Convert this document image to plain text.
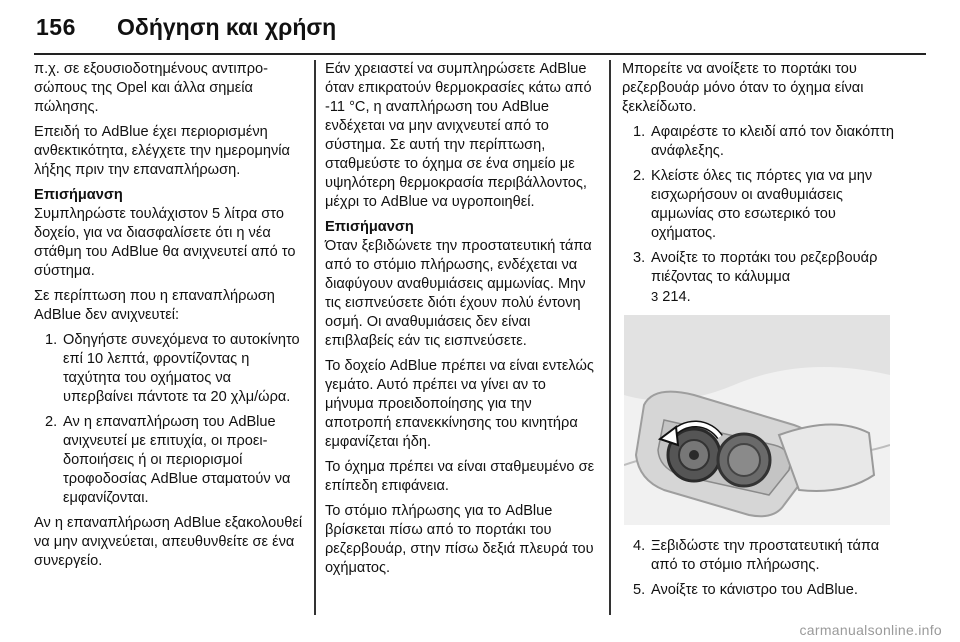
156 Οδήγηση και χρήση

π.χ. σε εξουσιοδοτημένους αντιπροσώπους της Opel και άλλα σημεία πώλησης.

Επειδή το AdBlue έχει περιορισμένη ανθεκτικότητα, ελέγχετε την ημερομηνία λήξης πριν την επαναπλήρωση.

Επισήμανση

Συμπληρώστε τουλάχιστον 5 λίτρα στο δοχείο, για να διασφαλίσετε ότι η νέα στάθμη του AdBlue θα ανιχνευτεί από το σύστημα.

Σε περίπτωση που η επαναπλήρωση AdBlue δεν ανιχνευτεί:

1. Οδηγήστε συνεχόμενα το αυτοκίνητο επί 10 λεπτά, φροντίζοντας η ταχύτητα του οχήματος να υπερβαίνει πάντοτε τα 20 χλμ/ώρα.
2. Αν η επαναπλήρωση του AdBlue ανιχνευτεί με επιτυχία, οι προειδοποιήσεις ή οι περιορισμοί τροφοδοσίας AdBlue σταματούν να εμφανίζονται.

Αν η επαναπλήρωση AdBlue εξακολουθεί να μην ανιχνεύεται, απευθυνθείτε σε ένα συνεργείο.

Εάν χρειαστεί να συμπληρώσετε AdBlue όταν επικρατούν θερμοκρασίες κάτω από -11 °C, η αναπλήρωση του AdBlue ενδέχεται να μην ανιχνευτεί από το σύστημα. Σε αυτή την περίπτωση, σταθμεύστε το όχημα σε ένα σημείο με υψηλότερη θερμοκρασία περιβάλλοντος, μέχρι το AdBlue να υγροποιηθεί.

Επισήμανση

Όταν ξεβιδώνετε την προστατευτική τάπα από το στόμιο πλήρωσης, ενδέχεται να διαφύγουν αναθυμιάσεις αμμωνίας. Μην τις εισπνεύσετε διότι έχουν πολύ έντονη οσμή. Οι αναθυμιάσεις δεν είναι επιβλαβείς εάν τις εισπνεύσετε.

Το δοχείο AdBlue πρέπει να είναι εντελώς γεμάτο. Αυτό πρέπει να γίνει αν το μήνυμα προειδοποίησης για την αποτροπή επανεκκίνησης του κινητήρα εμφανίζεται ήδη.

Το όχημα πρέπει να είναι σταθμευμένο σε επίπεδη επιφάνεια.

Το στόμιο πλήρωσης για το AdBlue βρίσκεται πίσω από το πορτάκι του ρεζερβουάρ, στην πίσω δεξιά πλευρά του οχήματος.

Μπορείτε να ανοίξετε το πορτάκι του ρεζερβουάρ μόνο όταν το όχημα είναι ξεκλείδωτο.

1. Αφαιρέστε το κλειδί από τον διακόπτη ανάφλεξης.
2. Κλείστε όλες τις πόρτες για να μην εισχωρήσουν οι αναθυμιάσεις αμμωνίας στο εσωτερικό του οχήματος.
3. Ανοίξτε το πορτάκι του ρεζερβουάρ πιέζοντας το κάλυμμα
3 214.
4. Ξεβιδώστε την προστατευτική τάπα από το στόμιο πλήρωσης.
5. Ανοίξτε το κάνιστρο του AdBlue.
carmanualsonline.info
